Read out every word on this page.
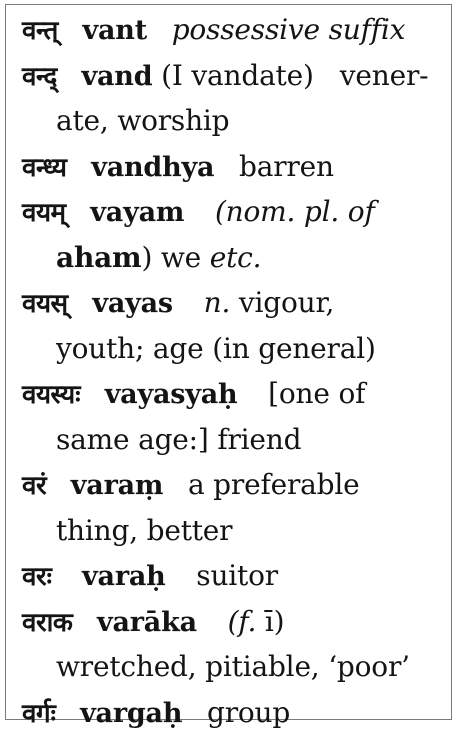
वन्त् vant possessive suffix
वन्द् vand (I vandate)   vener-
ate, worship
वन्ध्य vandhya barren
वयम् vayam (nom. pl. of
aham) we etc.
वयस् vayas n. vigour,
youth; age (in general)
वयस्यः vayasyaḥ [one of
same age:] friend
वरं varaṃ a preferable
thing, better
वरः varaḥ suitor
वराक varāka (f. ī)
wretched, pitiable, ‘poor’
वर्गः vargaḥ group
